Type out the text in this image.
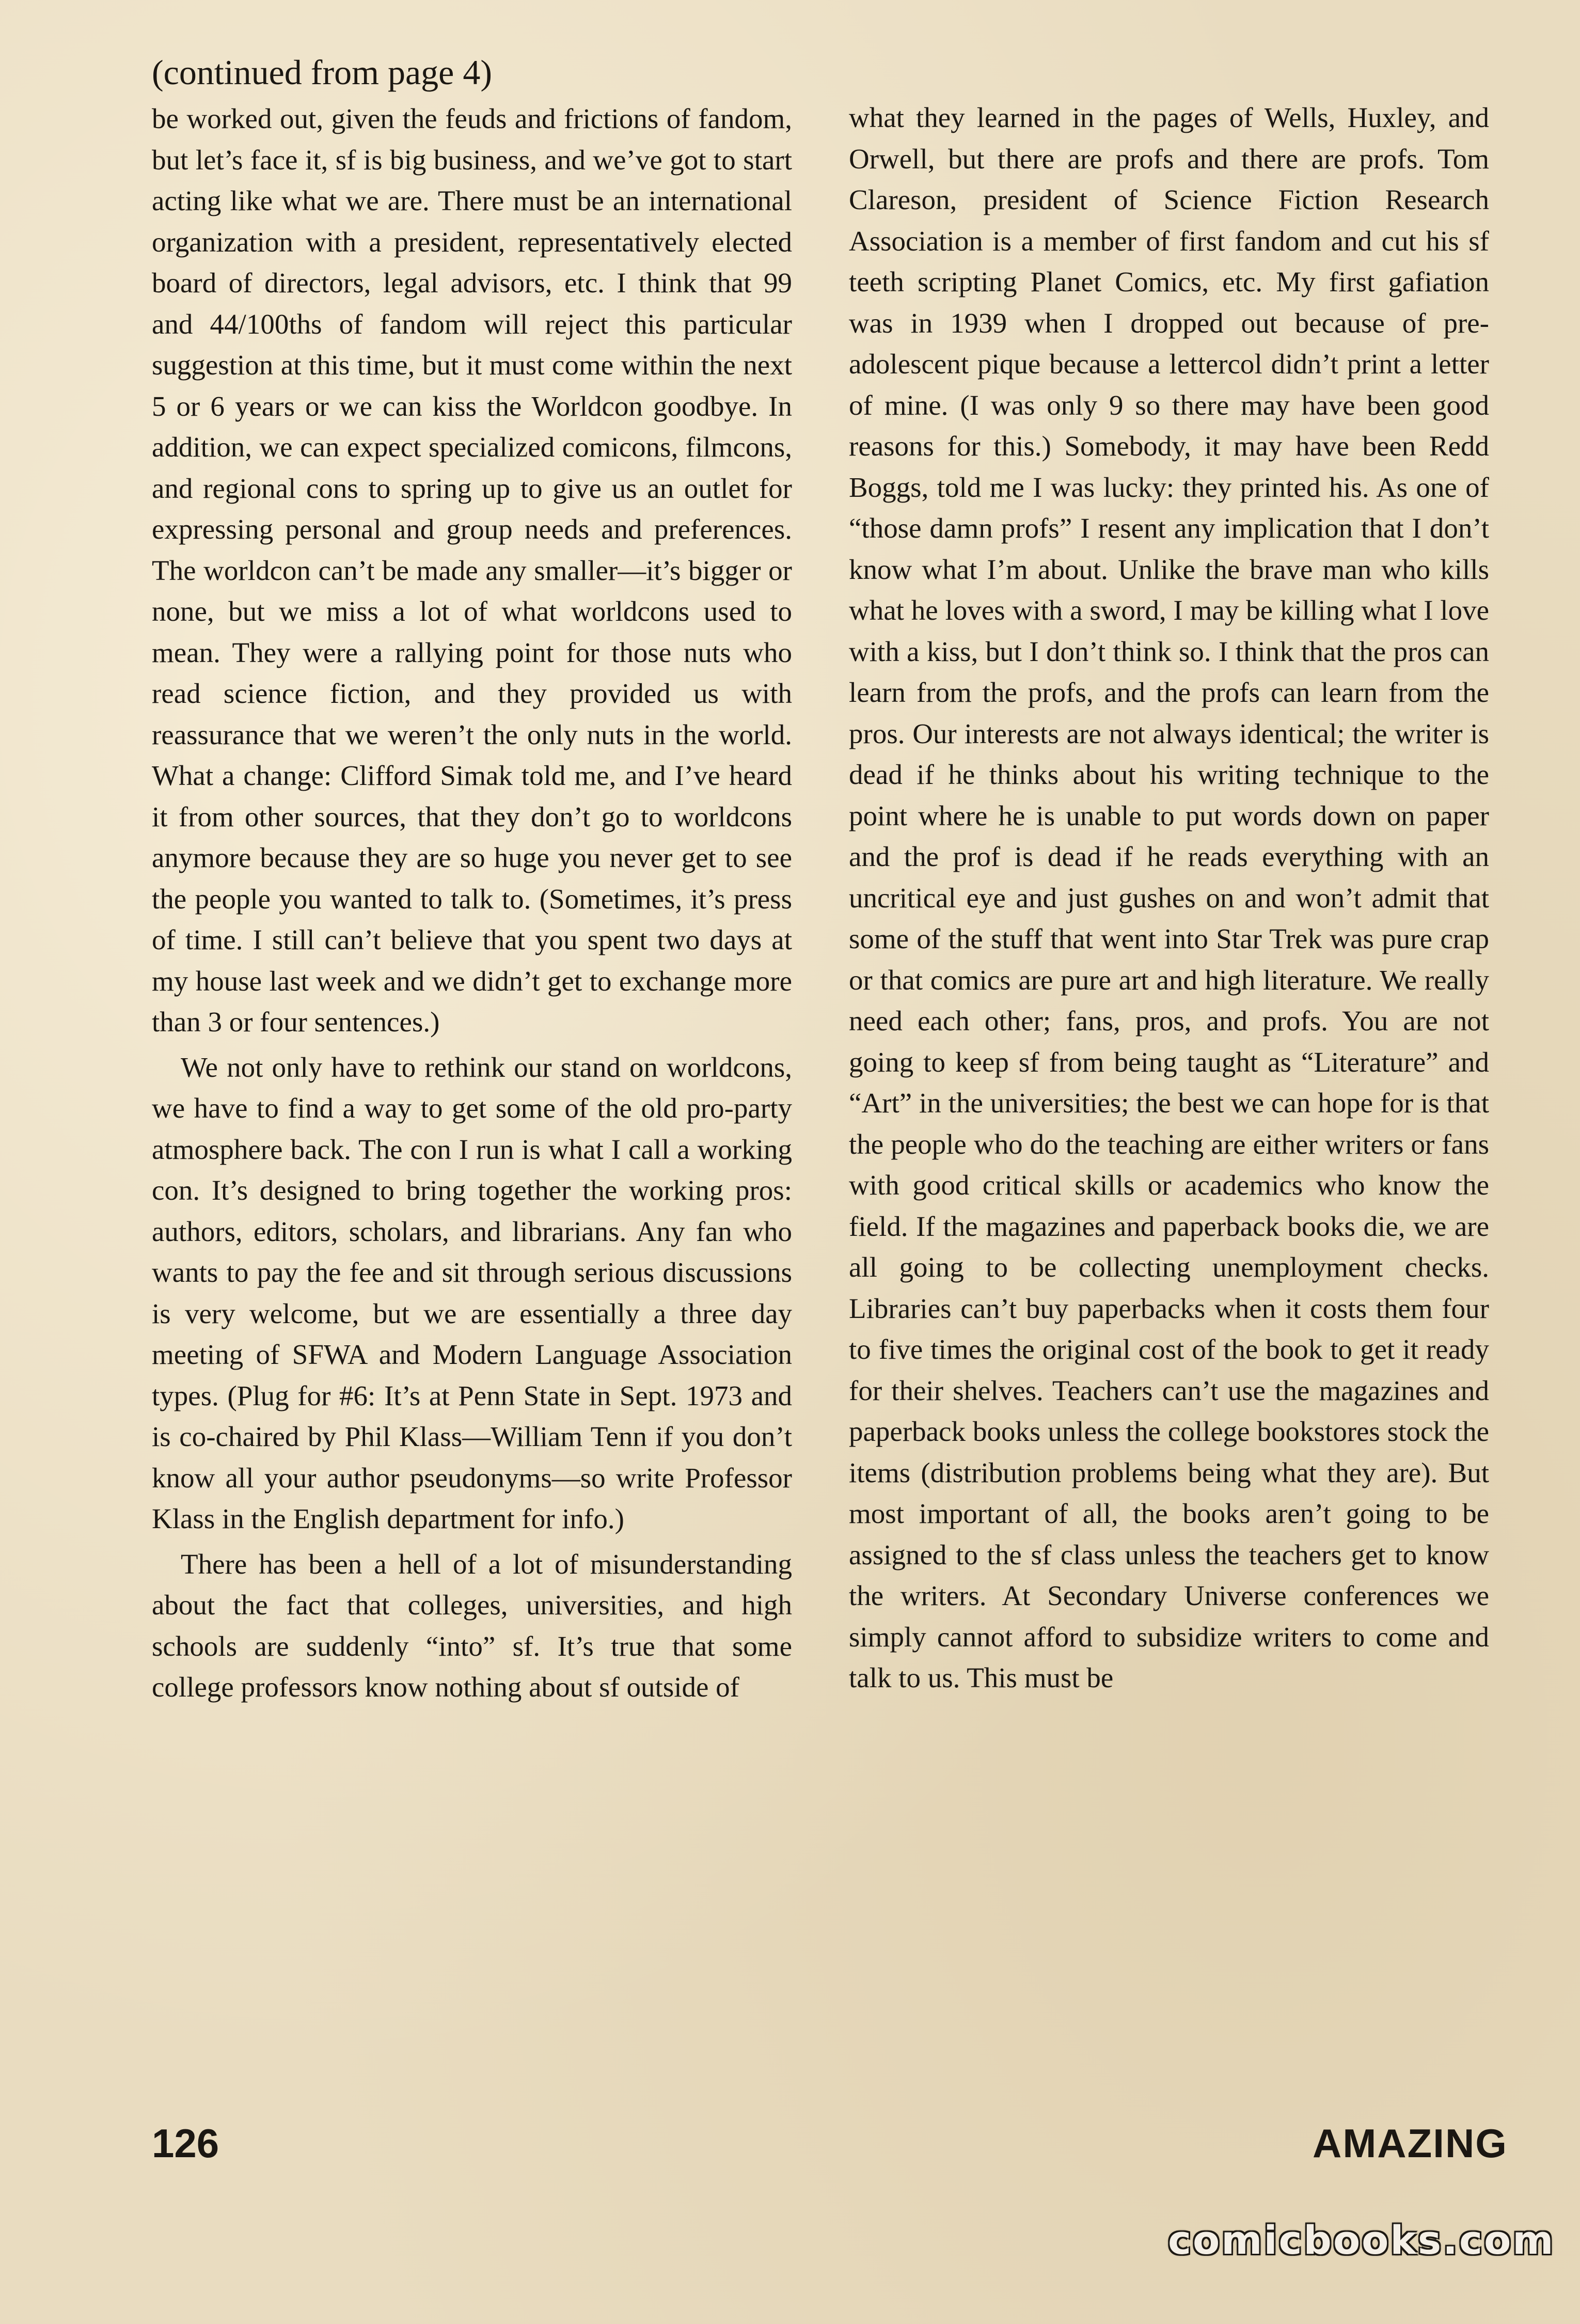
(continued from page 4)

be worked out, given the feuds and frictions of fandom, but let’s face it, sf is big business, and we’ve got to start acting like what we are. There must be an international organization with a president, representatively elected board of directors, legal advisors, etc. I think that 99 and 44/100ths of fandom will reject this particular suggestion at this time, but it must come within the next 5 or 6 years or we can kiss the Worldcon goodbye. In addition, we can expect specialized comicons, filmcons, and regional cons to spring up to give us an outlet for expressing personal and group needs and preferences. The worldcon can’t be made any smaller—it’s bigger or none, but we miss a lot of what worldcons used to mean. They were a rallying point for those nuts who read science fiction, and they provided us with reassurance that we weren’t the only nuts in the world. What a change: Clifford Simak told me, and I’ve heard it from other sources, that they don’t go to worldcons anymore because they are so huge you never get to see the people you wanted to talk to. (Sometimes, it’s press of time. I still can’t believe that you spent two days at my house last week and we didn’t get to exchange more than 3 or four sentences.)

We not only have to rethink our stand on worldcons, we have to find a way to get some of the old pro-party atmosphere back. The con I run is what I call a working con. It’s designed to bring together the working pros: authors, editors, scholars, and librarians. Any fan who wants to pay the fee and sit through serious discussions is very welcome, but we are essentially a three day meeting of SFWA and Modern Language Association types. (Plug for #6: It’s at Penn State in Sept. 1973 and is co-chaired by Phil Klass—William Tenn if you don’t know all your author pseudonyms—so write Professor Klass in the English department for info.)

There has been a hell of a lot of misunderstanding about the fact that colleges, universities, and high schools are suddenly “into” sf. It’s true that some college professors know nothing about sf outside of

what they learned in the pages of Wells, Huxley, and Orwell, but there are profs and there are profs. Tom Clareson, president of Science Fiction Research Association is a member of first fandom and cut his sf teeth scripting Planet Comics, etc. My first gafiation was in 1939 when I dropped out because of pre-adolescent pique because a lettercol didn’t print a letter of mine. (I was only 9 so there may have been good reasons for this.) Somebody, it may have been Redd Boggs, told me I was lucky: they printed his. As one of “those damn profs” I resent any implication that I don’t know what I’m about. Unlike the brave man who kills what he loves with a sword, I may be killing what I love with a kiss, but I don’t think so. I think that the pros can learn from the profs, and the profs can learn from the pros. Our interests are not always identical; the writer is dead if he thinks about his writing technique to the point where he is unable to put words down on paper and the prof is dead if he reads everything with an uncritical eye and just gushes on and won’t admit that some of the stuff that went into Star Trek was pure crap or that comics are pure art and high literature. We really need each other; fans, pros, and profs. You are not going to keep sf from being taught as “Literature” and “Art” in the universities; the best we can hope for is that the people who do the teaching are either writers or fans with good critical skills or academics who know the field. If the magazines and paperback books die, we are all going to be collecting unemployment checks. Libraries can’t buy paperbacks when it costs them four to five times the original cost of the book to get it ready for their shelves. Teachers can’t use the magazines and paperback books unless the college bookstores stock the items (distribution problems being what they are). But most important of all, the books aren’t going to be assigned to the sf class unless the teachers get to know the writers. At Secondary Universe conferences we simply cannot afford to subsidize writers to come and talk to us. This must be

126	AMAZING
comicbooks.com
